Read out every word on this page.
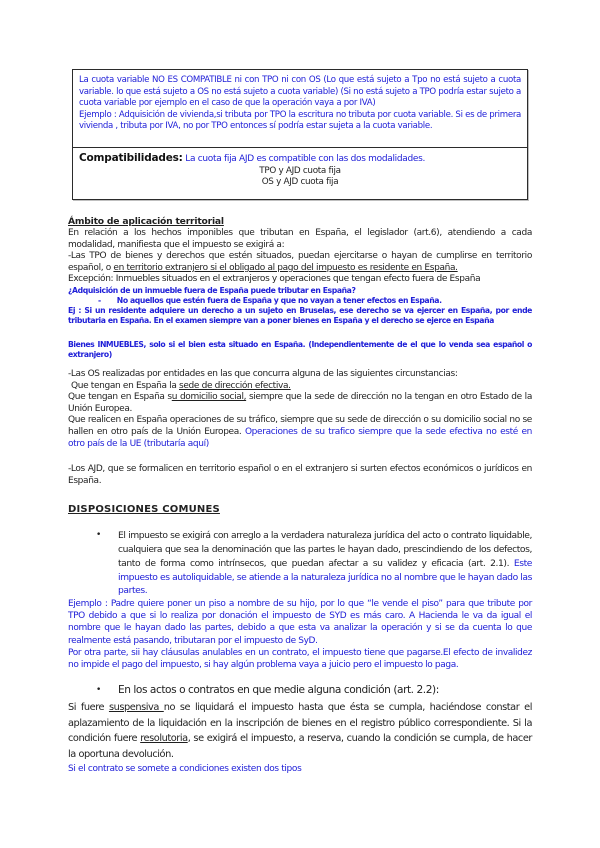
La cuota variable NO ES COMPATIBLE ni con TPO ni con OS (Lo que está sujeto a Tpo no está sujeto a cuota variable. lo que está sujeto a OS no está sujeto a cuota variable) (Si no está sujeto a TPO podría estar sujeto a cuota variable por ejemplo en el caso de que la operación vaya a por IVA)
Ejemplo : Adquisición de vivienda,si tributa por TPO la escritura no tributa por cuota variable. Si es de primera vivienda , tributa por IVA, no por TPO entonces sí podría estar sujeta a la cuota variable.
Compatibilidades: La cuota fija AJD es compatible con las dos modalidades.
TPO y AJD cuota fija
OS y AJD cuota fija
Ámbito de aplicación territorial
En relación a los hechos imponibles que tributan en España, el legislador (art.6), atendiendo a cada modalidad, manifiesta que el impuesto se exigirá a:
-Las TPO de bienes y derechos que estén situados, puedan ejercitarse o hayan de cumplirse en territorio español, o en territorio extranjero si el obligado al pago del impuesto es residente en España.
Excepción: Inmuebles situados en el extranjeros y operaciones que tengan efecto fuera de España
¿Adquisición de un inmueble fuera de España puede tributar en España?
- No aquellos que estén fuera de España y que no vayan a tener efectos en España.
Ej : Si un residente adquiere un derecho a un sujeto en Bruselas, ese derecho se va ejercer en España, por ende tributaria en España. En el examen siempre van a poner bienes en España y el derecho se ejerce en España
Bienes INMUEBLES, solo si el bien esta situado en España. (Independientemente de el que lo venda sea español o extranjero)
-Las OS realizadas por entidades en las que concurra alguna de las siguientes circunstancias:
Que tengan en España la sede de dirección efectiva.
Que tengan en España su domicilio social, siempre que la sede de dirección no la tengan en otro Estado de la Unión Europea.
Que realicen en España operaciones de su tráfico, siempre que su sede de dirección o su domicilio social no se hallen en otro país de la Unión Europea. Operaciones de su trafico siempre que la sede efectiva no esté en otro país de la UE (tributaría aquí)
-Los AJD, que se formalicen en territorio español o en el extranjero si surten efectos económicos o jurídicos en España.
DISPOSICIONES COMUNES
•	El impuesto se exigirá con arreglo a la verdadera naturaleza jurídica del acto o contrato liquidable, cualquiera que sea la denominación que las partes le hayan dado, prescindiendo de los defectos, tanto de forma como intrínsecos, que puedan afectar a su validez y eficacia (art. 2.1). Este impuesto es autoliquidable, se atiende a la naturaleza jurídica no al nombre que le hayan dado las partes.
Ejemplo : Padre quiere poner un piso a nombre de su hijo, por lo que “le vende el piso” para que tribute por TPO debido a que si lo realiza por donación el impuesto de SYD es más caro. A Hacienda le va da igual el nombre que le hayan dado las partes, debido a que esta va analizar la operación y si se da cuenta lo que realmente está pasando, tributaran por el impuesto de SyD.
Por otra parte, sii hay cláusulas anulables en un contrato, el impuesto tiene que pagarse.El efecto de invalidez no impide el pago del impuesto, si hay algún problema vaya a juicio pero el impuesto lo paga.
•	En los actos o contratos en que medie alguna condición (art. 2.2):
Si fuere suspensiva no se liquidará el impuesto hasta que ésta se cumpla, haciéndose constar el aplazamiento de la liquidación en la inscripción de bienes en el registro público correspondiente. Si la condición fuere resolutoria, se exigirá el impuesto, a reserva, cuando la condición se cumpla, de hacer la oportuna devolución.
Si el contrato se somete a condiciones existen dos tipos
